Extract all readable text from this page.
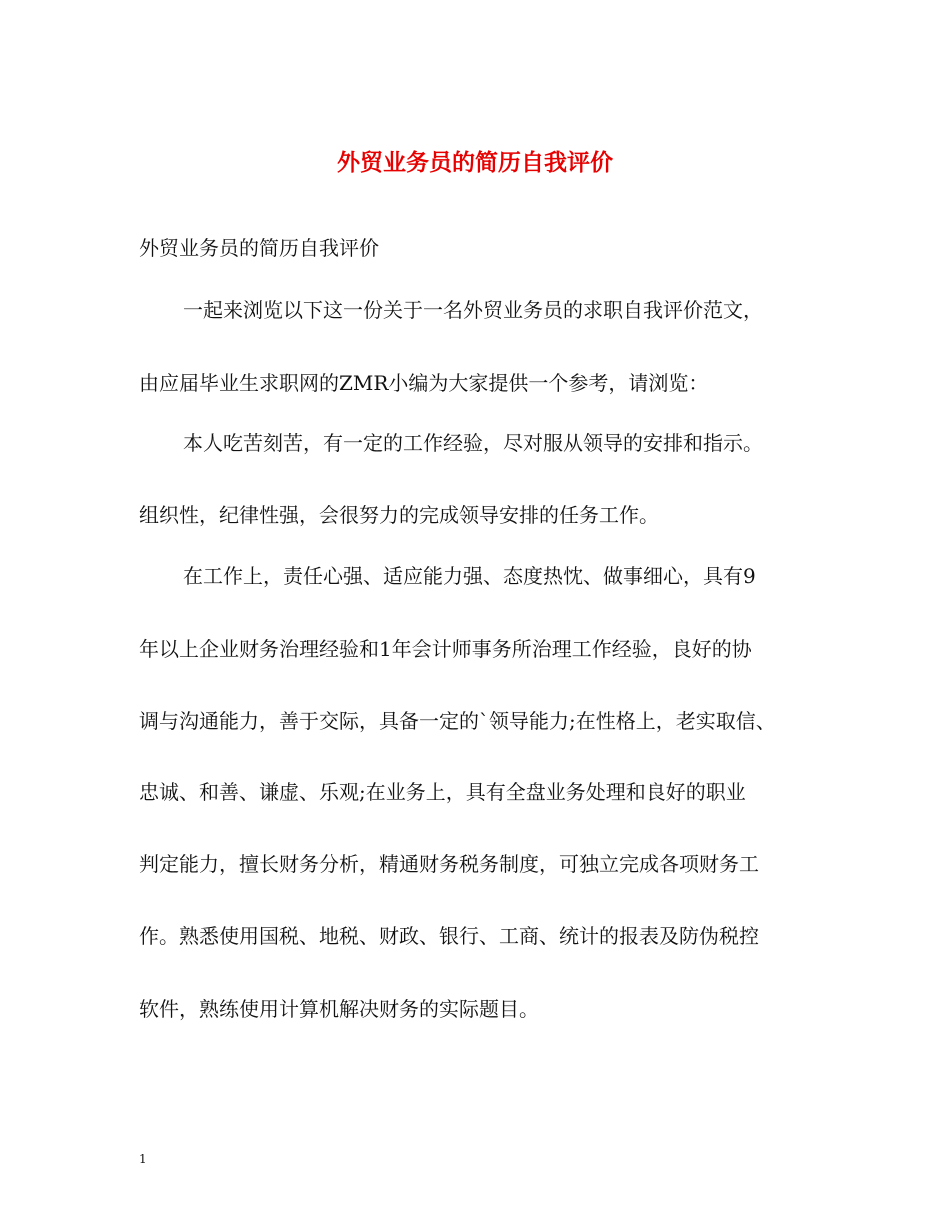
外贸业务员的简历自我评价
外贸业务员的简历自我评价
一起来浏览以下这一份关于一名外贸业务员的求职自我评价范文，
由应届毕业生求职网的ZMR小编为大家提供一个参考，请浏览：
本人吃苦刻苦，有一定的工作经验，尽对服从领导的安排和指示。
组织性，纪律性强，会很努力的完成领导安排的任务工作。
在工作上，责任心强、适应能力强、态度热忱、做事细心，具有9
年以上企业财务治理经验和1年会计师事务所治理工作经验，良好的协
调与沟通能力，善于交际，具备一定的`领导能力;在性格上，老实取信、
忠诚、和善、谦虚、乐观;在业务上，具有全盘业务处理和良好的职业
判定能力，擅长财务分析，精通财务税务制度，可独立完成各项财务工
作。熟悉使用国税、地税、财政、银行、工商、统计的报表及防伪税控
软件，熟练使用计算机解决财务的实际题目。
1
